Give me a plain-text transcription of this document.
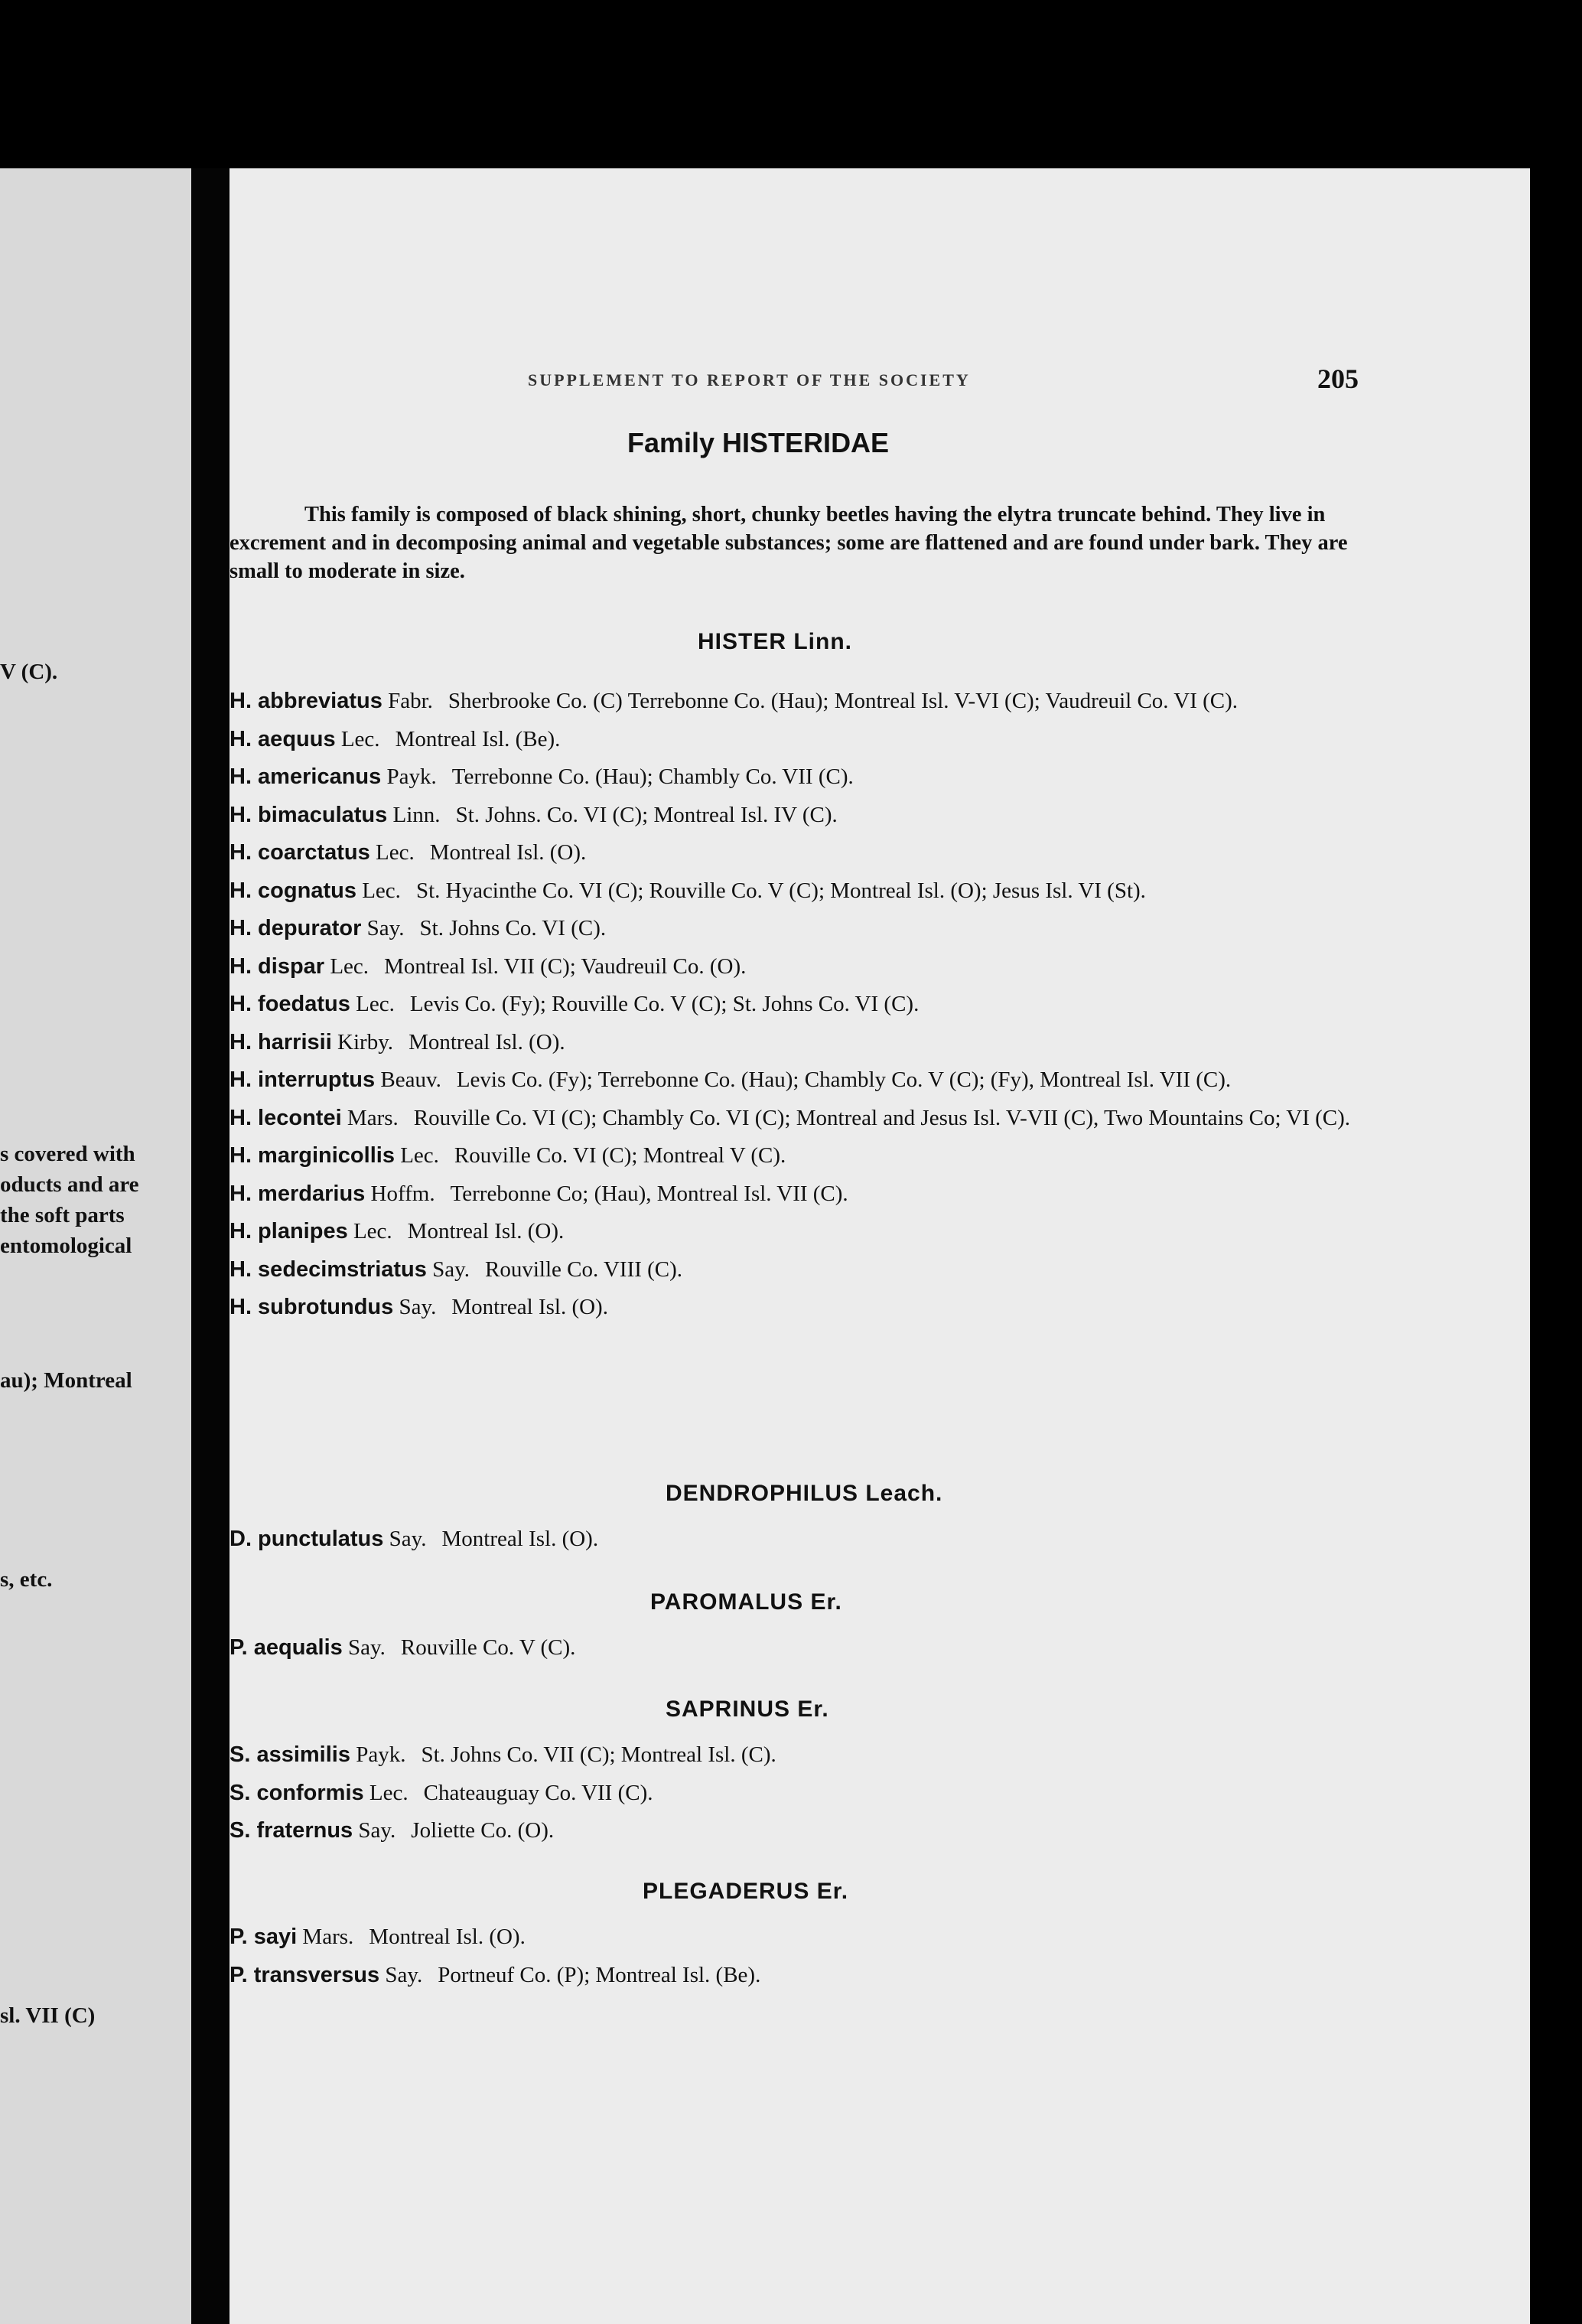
V (C).
s covered with
oducts and are
the soft parts
entomological
au); Montreal
s, etc.
sl. VII (C)
SUPPLEMENT TO REPORT OF THE SOCIETY	205
Family HISTERIDAE
This family is composed of black shining, short, chunky beetles having the elytra truncate behind. They live in excrement and in decomposing animal and vegetable substances; some are flattened and are found under bark. They are small to moderate in size.
HISTER Linn.
H. abbreviatus Fabr. Sherbrooke Co. (C) Terrebonne Co. (Hau); Montreal Isl. V-VI (C); Vaudreuil Co. VI (C).
H. aequus Lec. Montreal Isl. (Be).
H. americanus Payk. Terrebonne Co. (Hau); Chambly Co. VII (C).
H. bimaculatus Linn. St. Johns. Co. VI (C); Montreal Isl. IV (C).
H. coarctatus Lec. Montreal Isl. (O).
H. cognatus Lec. St. Hyacinthe Co. VI (C); Rouville Co. V (C); Montreal Isl. (O); Jesus Isl. VI (St).
H. depurator Say. St. Johns Co. VI (C).
H. dispar Lec. Montreal Isl. VII (C); Vaudreuil Co. (O).
H. foedatus Lec. Levis Co. (Fy); Rouville Co. V (C); St. Johns Co. VI (C).
H. harrisii Kirby. Montreal Isl. (O).
H. interruptus Beauv. Levis Co. (Fy); Terrebonne Co. (Hau); Chambly Co. V (C); (Fy), Montreal Isl. VII (C).
H. lecontei Mars. Rouville Co. VI (C); Chambly Co. VI (C); Montreal and Jesus Isl. V-VII (C), Two Mountains Co; VI (C).
H. marginicollis Lec. Rouville Co. VI (C); Montreal V (C).
H. merdarius Hoffm. Terrebonne Co; (Hau), Montreal Isl. VII (C).
H. planipes Lec. Montreal Isl. (O).
H. sedecimstriatus Say. Rouville Co. VIII (C).
H. subrotundus Say. Montreal Isl. (O).
DENDROPHILUS Leach.
D. punctulatus Say. Montreal Isl. (O).
PAROMALUS Er.
P. aequalis Say. Rouville Co. V (C).
SAPRINUS Er.
S. assimilis Payk. St. Johns Co. VII (C); Montreal Isl. (C).
S. conformis Lec. Chateauguay Co. VII (C).
S. fraternus Say. Joliette Co. (O).
PLEGADERUS Er.
P. sayi Mars. Montreal Isl. (O).
P. transversus Say. Portneuf Co. (P); Montreal Isl. (Be).
